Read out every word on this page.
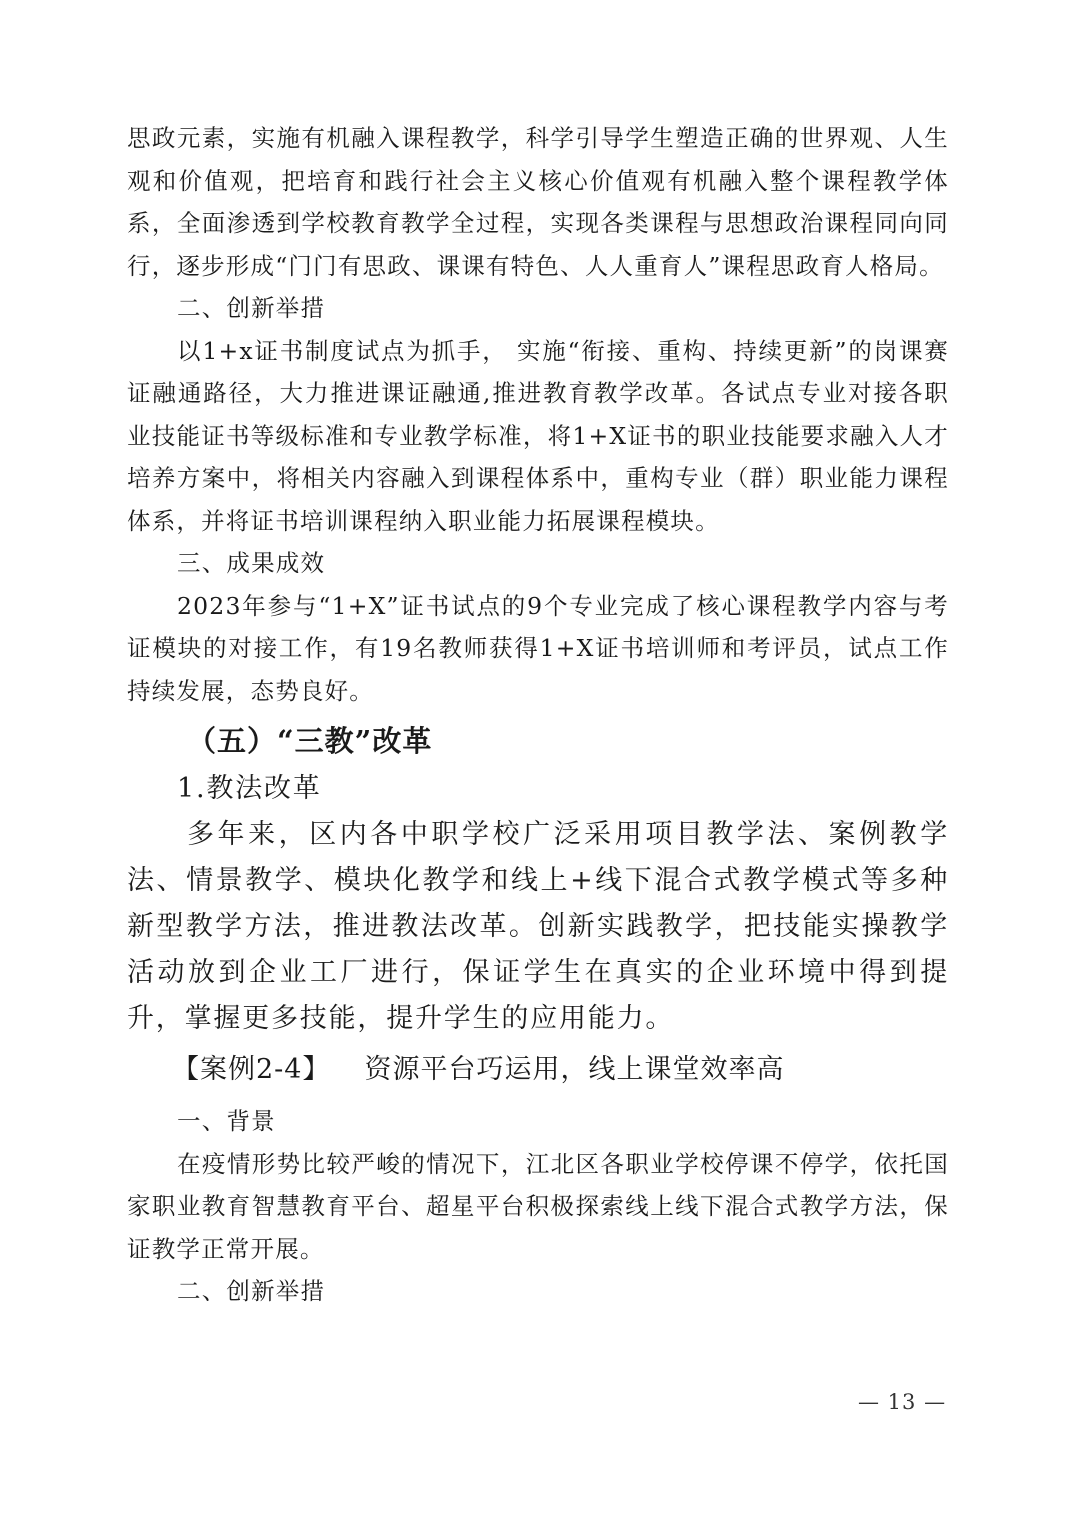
思政元素，实施有机融入课程教学，科学引导学生塑造正确的世界观、人生观和价值观，把培育和践行社会主义核心价值观有机融入整个课程教学体系，全面渗透到学校教育教学全过程，实现各类课程与思想政治课程同向同行，逐步形成“门门有思政、课课有特色、人人重育人”课程思政育人格局。

二、创新举措

以1+x证书制度试点为抓手， 实施“衔接、重构、持续更新”的岗课赛证融通路径，大力推进课证融通,推进教育教学改革。各试点专业对接各职业技能证书等级标准和专业教学标准，将1+X证书的职业技能要求融入人才培养方案中，将相关内容融入到课程体系中，重构专业（群）职业能力课程体系，并将证书培训课程纳入职业能力拓展课程模块。

三、成果成效

2023年参与“1+X”证书试点的9个专业完成了核心课程教学内容与考证模块的对接工作，有19名教师获得1+X证书培训师和考评员，试点工作持续发展，态势良好。

（五）“三教”改革

1.教法改革

多年来，区内各中职学校广泛采用项目教学法、案例教学法、情景教学、模块化教学和线上+线下混合式教学模式等多种新型教学方法，推进教法改革。创新实践教学，把技能实操教学活动放到企业工厂进行，保证学生在真实的企业环境中得到提升，掌握更多技能，提升学生的应用能力。

【案例2-4】 资源平台巧运用，线上课堂效率高

一、背景

在疫情形势比较严峻的情况下，江北区各职业学校停课不停学，依托国家职业教育智慧教育平台、超星平台积极探索线上线下混合式教学方法，保证教学正常开展。

二、创新举措

— 13 —
